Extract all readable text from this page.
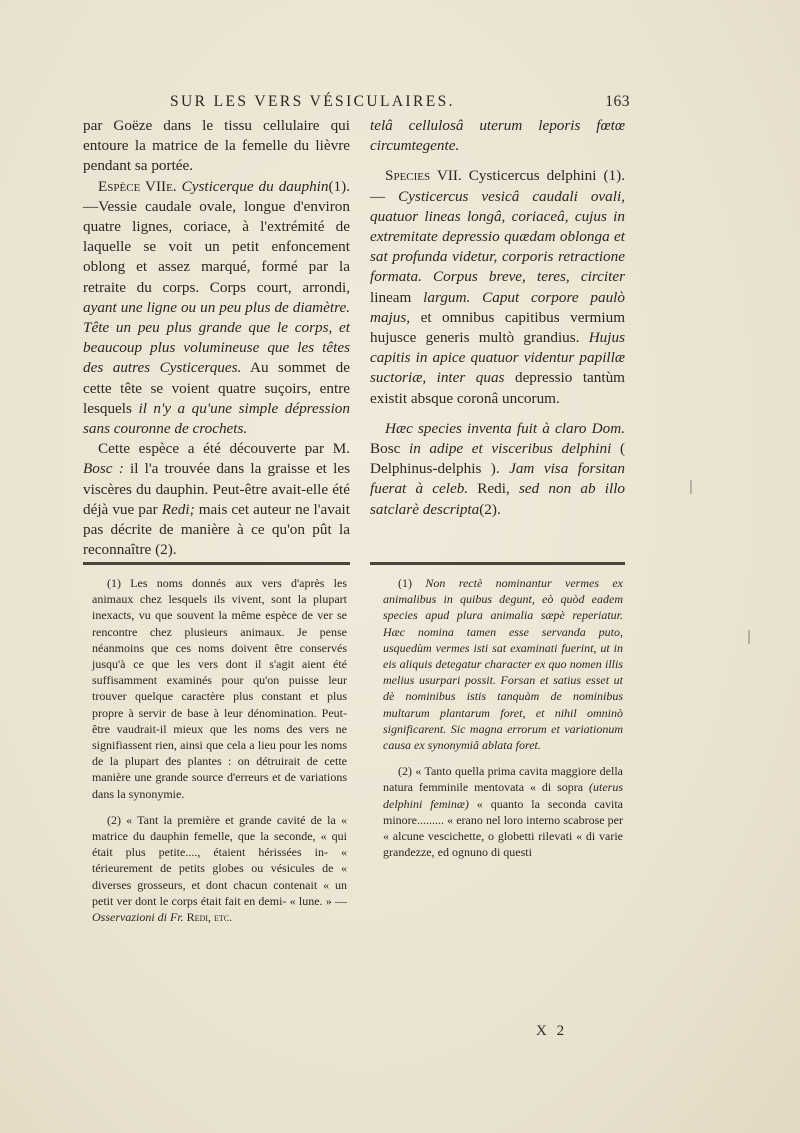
SUR LES VERS VÉSICULAIRES.	163

par Goëze dans le tissu cellulaire qui entoure la matrice de la femelle du lièvre pendant sa portée.

Espèce VIIe. Cysticerque du dauphin(1).—Vessie caudale ovale, longue d'environ quatre lignes, coriace, à l'extrémité de laquelle se voit un petit enfoncement oblong et assez marqué, formé par la retraite du corps. Corps court, arrondi, ayant une ligne ou un peu plus de diamètre. Tête un peu plus grande que le corps, et beaucoup plus volumineuse que les têtes des autres Cysticerques. Au sommet de cette tête se voient quatre suçoirs, entre lesquels il n'y a qu'une simple dépression sans couronne de crochets.

Cette espèce a été découverte par M. Bosc : il l'a trouvée dans la graisse et les viscères du dauphin. Peut-être avait-elle été déjà vue par Redi; mais cet auteur ne l'avait pas décrite de manière à ce qu'on pût la reconnaître (2).

telâ cellulosâ uterum leporis fœtœ circumtegente.

Species VII. Cysticercus delphini (1). — Cysticercus vesicâ caudali ovali, quatuor lineas longâ, coriaceâ, cujus in extremitate depressio quædam oblonga et sat profunda videtur, corporis retractione formata. Corpus breve, teres, circiter lineam largum. Caput corpore paulò majus, et omnibus capitibus vermium hujusce generis multò grandius. Hujus capitis in apice quatuor videntur papillæ suctoriæ, inter quas depressio tantùm existit absque coronâ uncorum.

Hæc species inventa fuit à claro Dom. Bosc in adipe et visceribus delphini ( Delphinus-delphis ). Jam visa forsitan fuerat à celeb. Redi, sed non ab illo satclarè descripta(2).

(1) Les noms donnés aux vers d'après les animaux chez lesquels ils vivent, sont la plupart inexacts, vu que souvent la même espèce de ver se rencontre chez plusieurs animaux. Je pense néanmoins que ces noms doivent être conservés jusqu'à ce que les vers dont il s'agit aient été suffisamment examinés pour qu'on puisse leur trouver quelque caractère plus constant et plus propre à servir de base à leur dénomination. Peut-être vaudrait-il mieux que les noms des vers ne signifiassent rien, ainsi que cela a lieu pour les noms de la plupart des plantes : on détruirait de cette manière une grande source d'erreurs et de variations dans la synonymie.

(2) « Tant la première et grande cavité de la « matrice du dauphin femelle, que la seconde, « qui était plus petite...., étaient hérissées in- « térieurement de petits globes ou vésicules de « diverses grosseurs, et dont chacun contenait « un petit ver dont le corps était fait en demi- « lune. » — Osservazioni di Fr. Redi, etc.

(1) Non rectè nominantur vermes ex animalibus in quibus degunt, eò quòd eadem species apud plura animalia sæpè reperiatur. Hæc nomina tamen esse servanda puto, usquedùm vermes isti sat examinati fuerint, ut in eis aliquis detegatur character ex quo nomen illis melius usurpari possit. Forsan et satius esset ut dè nominibus istis tanquàm de nominibus multarum plantarum foret, et nihil omninò significarent. Sic magna errorum et variationum causa ex synonymiâ ablata foret.

(2) « Tanto quella prima cavita maggiore della natura femminile mentovata « di sopra (uterus delphini feminæ) « quanto la seconda cavita minore......... « erano nel loro interno scabrose per « alcune vescichette, o globetti rilevati « di varie grandezze, ed ognuno di questi

X 2
